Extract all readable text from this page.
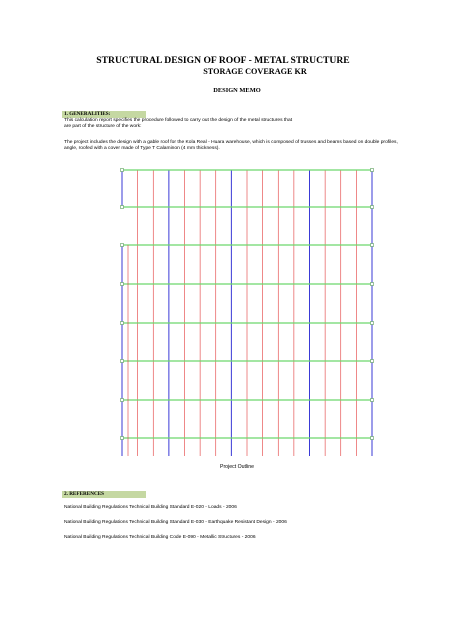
STRUCTURAL DESIGN OF ROOF - METAL STRUCTURE
STORAGE COVERAGE KR
DESIGN MEMO
1. GENERALITIES:
This calculation report specifies the procedure followed to carry out the design of the metal structures that
are part of the structure of the work:
The project includes the design with a gable roof for the Kola Real - Huara warehouse, which is composed of trusses and beams based on double profiles,
angle, roofed with a cover made of Type T Calaminon (4 mm thickness).
Project Outline
2. REFERENCES
National Building Regulations Technical Building Standard E-020 - Loads - 2006
National Building Regulations Technical Building Standard E-030 - Earthquake Resistant Design - 2006
National Building Regulations Technical Building Code E-090 - Metallic Structures - 2006
